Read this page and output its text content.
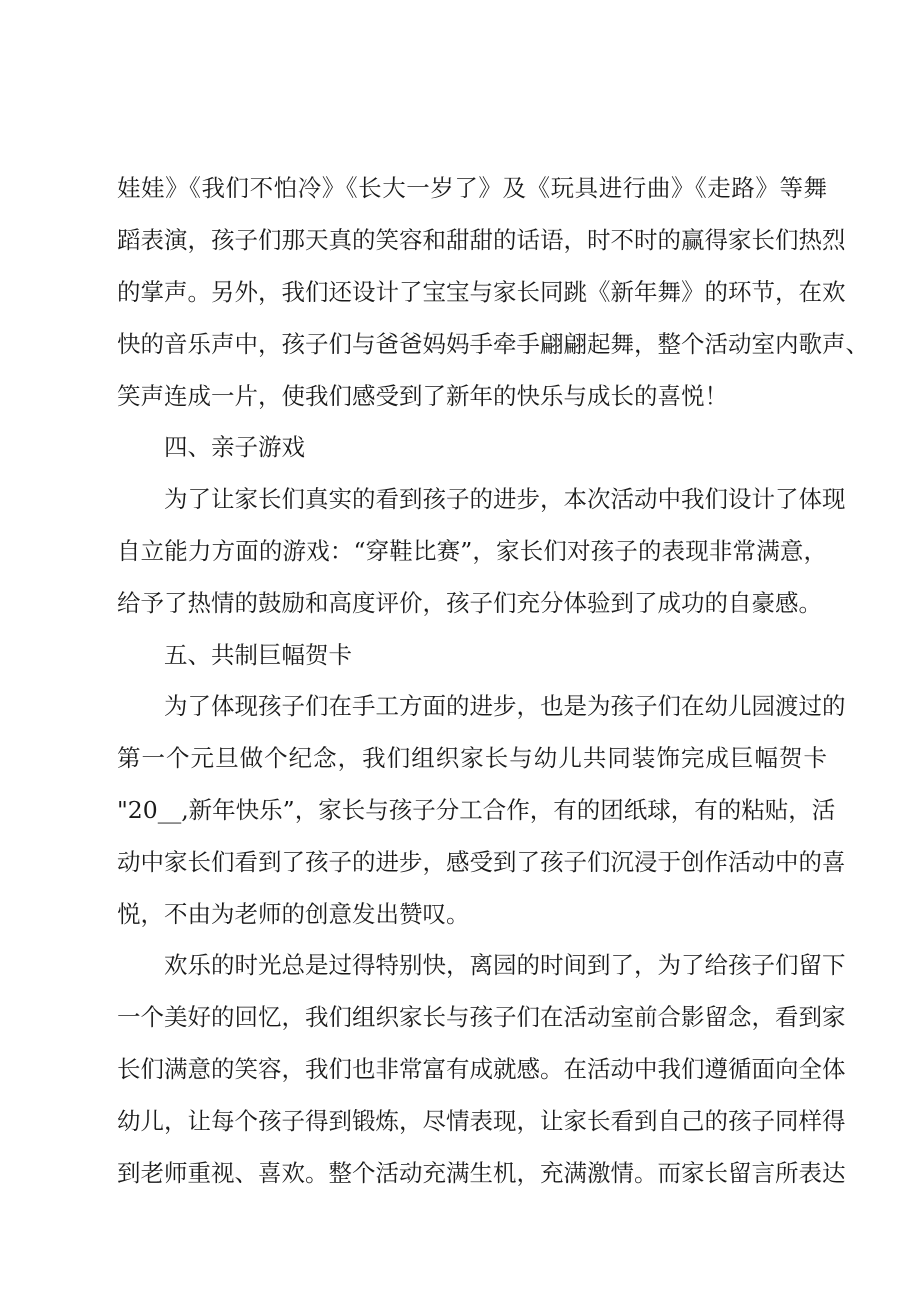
娃娃》《我们不怕冷》《长大一岁了》及《玩具进行曲》《走路》等舞
蹈表演，孩子们那天真的笑容和甜甜的话语，时不时的赢得家长们热烈
的掌声。另外，我们还设计了宝宝与家长同跳《新年舞》的环节，在欢
快的音乐声中，孩子们与爸爸妈妈手牵手翩翩起舞，整个活动室内歌声、
笑声连成一片，使我们感受到了新年的快乐与成长的喜悦！
四、亲子游戏
为了让家长们真实的看到孩子的进步，本次活动中我们设计了体现
自立能力方面的游戏：“穿鞋比赛”，家长们对孩子的表现非常满意，
给予了热情的鼓励和高度评价，孩子们充分体验到了成功的自豪感。
五、共制巨幅贺卡
为了体现孩子们在手工方面的进步，也是为孩子们在幼儿园渡过的
第一个元旦做个纪念，我们组织家长与幼儿共同装饰完成巨幅贺卡
"20__,新年快乐”，家长与孩子分工合作，有的团纸球，有的粘贴，活
动中家长们看到了孩子的进步，感受到了孩子们沉浸于创作活动中的喜
悦，不由为老师的创意发出赞叹。
欢乐的时光总是过得特别快，离园的时间到了，为了给孩子们留下
一个美好的回忆，我们组织家长与孩子们在活动室前合影留念，看到家
长们满意的笑容，我们也非常富有成就感。在活动中我们遵循面向全体
幼儿，让每个孩子得到锻炼，尽情表现，让家长看到自己的孩子同样得
到老师重视、喜欢。整个活动充满生机，充满激情。而家长留言所表达
